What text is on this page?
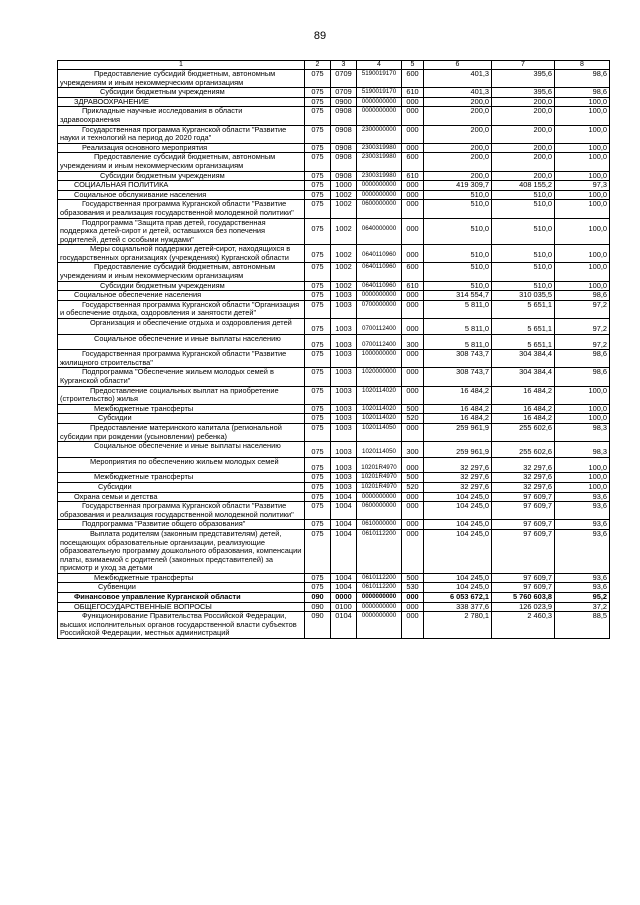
89
1	2	3	4	5	6	7	8
Предоставление субсидий бюджетным, автономным учреждениям и иным некоммерческим организациям	075	0709	5190019170	600	401,3	395,6	98,6
Субсидии бюджетным учреждениям	075	0709	5190019170	610	401,3	395,6	98,6
ЗДРАВООХРАНЕНИЕ	075	0900	0000000000	000	200,0	200,0	100,0
Прикладные научные исследования в области здравоохранения	075	0908	0000000000	000	200,0	200,0	100,0
Государственная программа Курганской области "Развитие науки и технологий на период до 2020 года"	075	0908	2300000000	000	200,0	200,0	100,0
Реализация основного мероприятия	075	0908	2300319980	000	200,0	200,0	100,0
Предоставление субсидий бюджетным, автономным учреждениям и иным некоммерческим организациям	075	0908	2300319980	600	200,0	200,0	100,0
Субсидии бюджетным учреждениям	075	0908	2300319980	610	200,0	200,0	100,0
СОЦИАЛЬНАЯ ПОЛИТИКА	075	1000	0000000000	000	419 309,7	408 155,2	97,3
Социальное обслуживание населения	075	1002	0000000000	000	510,0	510,0	100,0
Государственная программа Курганской области "Развитие образования и реализация государственной молодежной политики"	075	1002	0600000000	000	510,0	510,0	100,0
Подпрограмма "Защита прав детей, государственная поддержка детей-сирот и детей, оставшихся без попечения родителей, детей с особыми нуждами"	075	1002	0640000000	000	510,0	510,0	100,0
Меры социальной поддержки детей-сирот, находящихся в государственных организациях (учреждениях) Курганской области	075	1002	0640110960	000	510,0	510,0	100,0
Предоставление субсидий бюджетным, автономным учреждениям и иным некоммерческим организациям	075	1002	0640110960	600	510,0	510,0	100,0
Субсидии бюджетным учреждениям	075	1002	0640110960	610	510,0	510,0	100,0
Социальное обеспечение населения	075	1003	0000000000	000	314 554,7	310 035,5	98,6
Государственная программа Курганской области "Организация и обеспечение отдыха, оздоровления и занятости детей"	075	1003	0700000000	000	5 811,0	5 651,1	97,2
Организация и обеспечение отдыха и оздоровления детей	075	1003	0700112400	000	5 811,0	5 651,1	97,2
Социальное обеспечение и иные выплаты населению	075	1003	0700112400	300	5 811,0	5 651,1	97,2
Государственная программа Курганской области "Развитие жилищного строительства"	075	1003	1000000000	000	308 743,7	304 384,4	98,6
Подпрограмма "Обеспечение жильем молодых семей в Курганской области"	075	1003	1020000000	000	308 743,7	304 384,4	98,6
Предоставление социальных выплат на приобретение (строительство) жилья	075	1003	1020114020	000	16 484,2	16 484,2	100,0
Межбюджетные трансферты	075	1003	1020114020	500	16 484,2	16 484,2	100,0
Субсидии	075	1003	1020114020	520	16 484,2	16 484,2	100,0
Предоставление материнского капитала (региональной субсидии при рождении (усыновлении) ребенка)	075	1003	1020114050	000	259 961,9	255 602,6	98,3
Социальное обеспечение и иные выплаты населению	075	1003	1020114050	300	259 961,9	255 602,6	98,3
Мероприятия по обеспечению жильем молодых семей	075	1003	10201R4970	000	32 297,6	32 297,6	100,0
Межбюджетные трансферты	075	1003	10201R4970	500	32 297,6	32 297,6	100,0
Субсидии	075	1003	10201R4970	520	32 297,6	32 297,6	100,0
Охрана семьи и детства	075	1004	0000000000	000	104 245,0	97 609,7	93,6
Государственная программа Курганской области "Развитие образования и реализация государственной молодежной политики"	075	1004	0600000000	000	104 245,0	97 609,7	93,6
Подпрограмма "Развитие общего образования"	075	1004	0610000000	000	104 245,0	97 609,7	93,6
Выплата родителям (законным представителям) детей, посещающих образовательные организации, реализующие образовательную программу дошкольного образования, компенсации платы, взимаемой с родителей (законных представителей) за присмотр и уход за детьми	075	1004	0610112200	000	104 245,0	97 609,7	93,6
Межбюджетные трансферты	075	1004	0610112200	500	104 245,0	97 609,7	93,6
Субвенции	075	1004	0610112200	530	104 245,0	97 609,7	93,6
Финансовое управление Курганской области	090	0000	0000000000	000	6 053 672,1	5 760 603,8	95,2
ОБЩЕГОСУДАРСТВЕННЫЕ ВОПРОСЫ	090	0100	0000000000	000	338 377,6	126 023,9	37,2
Функционирование Правительства Российской Федерации, высших исполнительных органов государственной власти субъектов Российской Федерации, местных администраций	090	0104	0000000000	000	2 780,1	2 460,3	88,5
